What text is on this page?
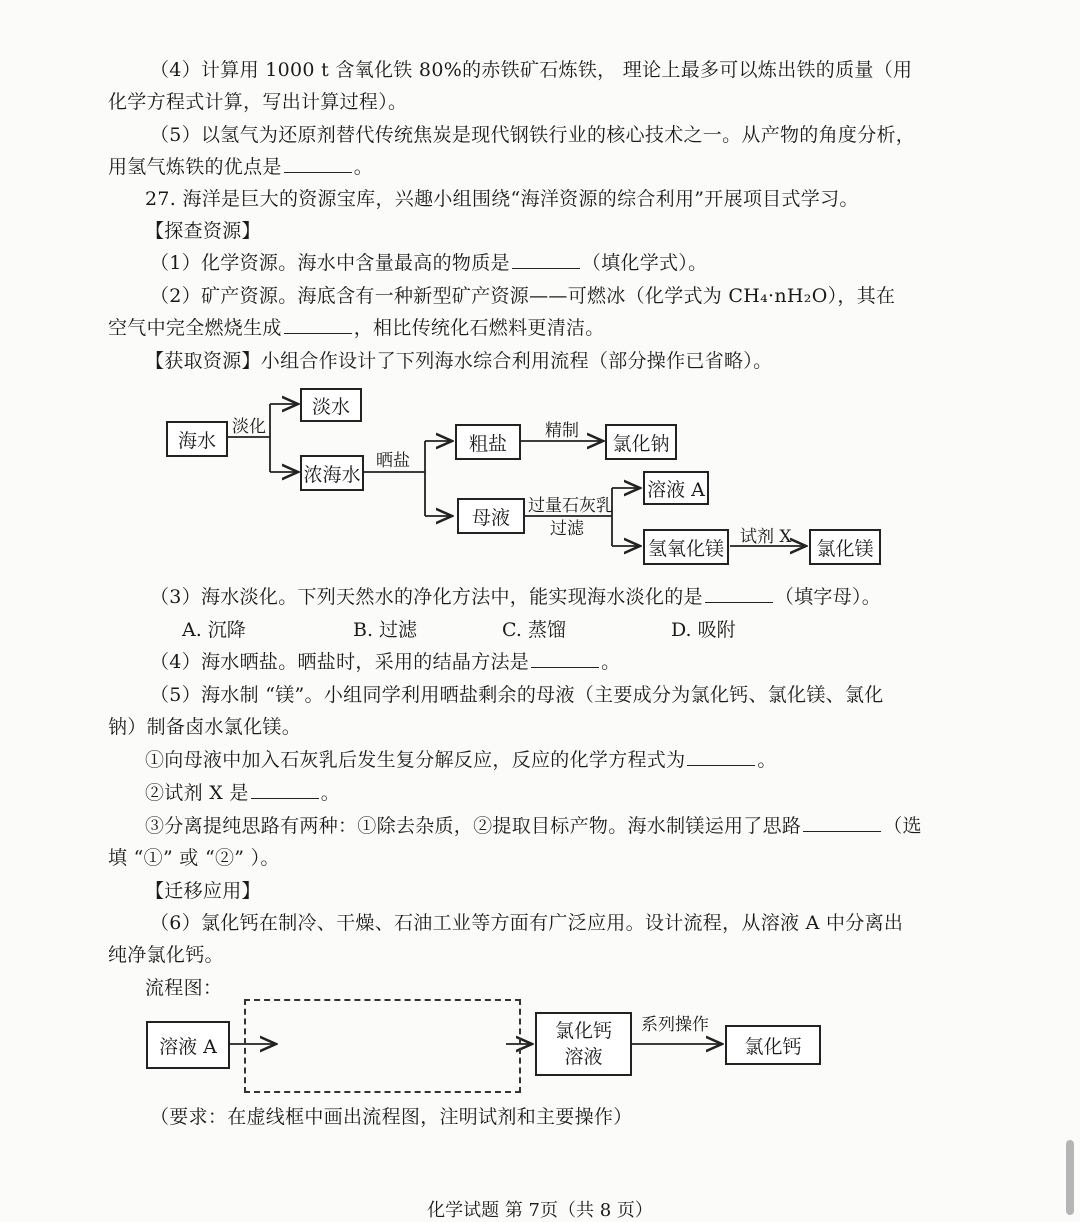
（4）计算用 1000 t 含氧化铁 80%的赤铁矿石炼铁， 理论上最多可以炼出铁的质量（用
化学方程式计算，写出计算过程）。
（5）以氢气为还原剂替代传统焦炭是现代钢铁行业的核心技术之一。从产物的角度分析，
用氢气炼铁的优点是	。
27. 海洋是巨大的资源宝库，兴趣小组围绕“海洋资源的综合利用”开展项目式学习。
【探查资源】
（1）化学资源。海水中含量最高的物质是	（填化学式）。
（2）矿产资源。海底含有一种新型矿产资源——可燃冰（化学式为 CH₄·nH₂O），其在
空气中完全燃烧生成	，相比传统化石燃料更清洁。
【获取资源】小组合作设计了下列海水综合利用流程（部分操作已省略）。
海水
淡化
淡水
浓海水
晒盐
粗盐
精制
氯化钠
母液
过量石灰乳
过滤
溶液 A
氢氧化镁
试剂 X
氯化镁
（3）海水淡化。下列天然水的净化方法中，能实现海水淡化的是	（填字母）。
A. 沉降	B. 过滤	C. 蒸馏	D. 吸附
（4）海水晒盐。晒盐时，采用的结晶方法是	。
（5）海水制 “镁”。小组同学利用晒盐剩余的母液（主要成分为氯化钙、氯化镁、氯化
钠）制备卤水氯化镁。
①向母液中加入石灰乳后发生复分解反应，反应的化学方程式为	。
②试剂 X 是	。
③分离提纯思路有两种：①除去杂质，②提取目标产物。海水制镁运用了思路	（选
填 “①” 或 “②” ）。
【迁移应用】
（6）氯化钙在制冷、干燥、石油工业等方面有广泛应用。设计流程，从溶液 A 中分离出
纯净氯化钙。
流程图：
溶液 A
氯化钙
溶液
系列操作
氯化钙
（要求：在虚线框中画出流程图，注明试剂和主要操作）
化学试题 第 7页（共 8 页）
